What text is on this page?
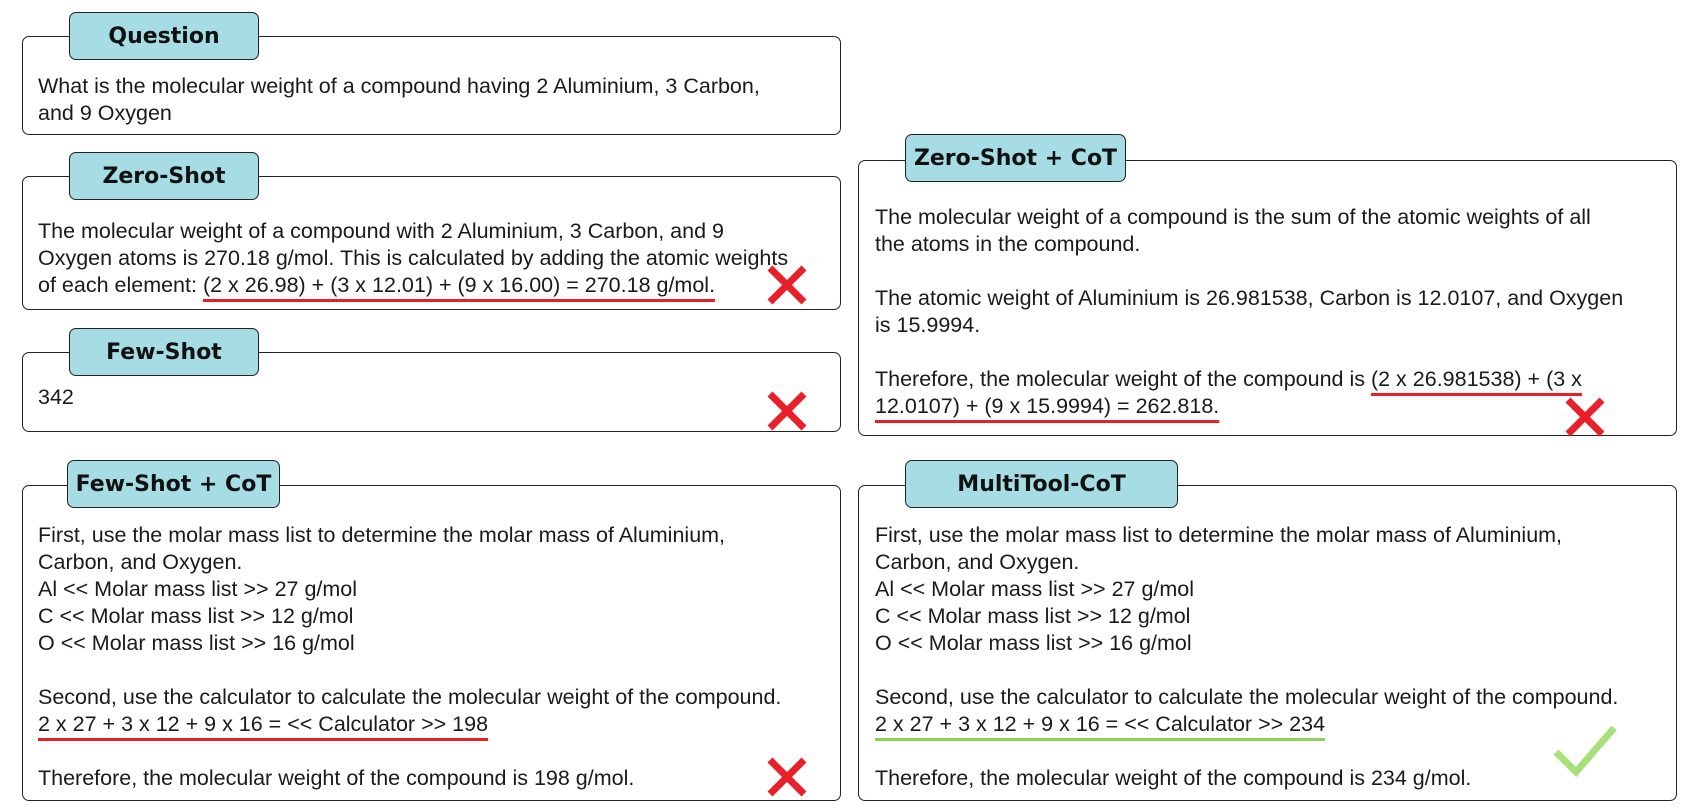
Question
What is the molecular weight of a compound having 2 Aluminium, 3 Carbon,
and 9 Oxygen
Zero-Shot
The molecular weight of a compound with 2 Aluminium, 3 Carbon, and 9
Oxygen atoms is 270.18 g/mol. This is calculated by adding the atomic weights
of each element: (2 x 26.98) + (3 x 12.01) + (9 x 16.00) = 270.18 g/mol.
Few-Shot
342
Zero-Shot + CoT
The molecular weight of a compound is the sum of the atomic weights of all
the atoms in the compound.
The atomic weight of Aluminium is 26.981538, Carbon is 12.0107, and Oxygen
is 15.9994.
Therefore, the molecular weight of the compound is (2 x 26.981538) + (3 x
12.0107) + (9 x 15.9994) = 262.818.
Few-Shot + CoT
First, use the molar mass list to determine the molar mass of Aluminium,
Carbon, and Oxygen.
Al << Molar mass list >> 27 g/mol
C << Molar mass list >> 12 g/mol
O << Molar mass list >> 16 g/mol
Second, use the calculator to calculate the molecular weight of the compound.
2 x 27 + 3 x 12 + 9 x 16 = << Calculator >> 198
Therefore, the molecular weight of the compound is 198 g/mol.
MultiTool-CoT
First, use the molar mass list to determine the molar mass of Aluminium,
Carbon, and Oxygen.
Al << Molar mass list >> 27 g/mol
C << Molar mass list >> 12 g/mol
O << Molar mass list >> 16 g/mol
Second, use the calculator to calculate the molecular weight of the compound.
2 x 27 + 3 x 12 + 9 x 16 = << Calculator >> 234
Therefore, the molecular weight of the compound is 234 g/mol.
